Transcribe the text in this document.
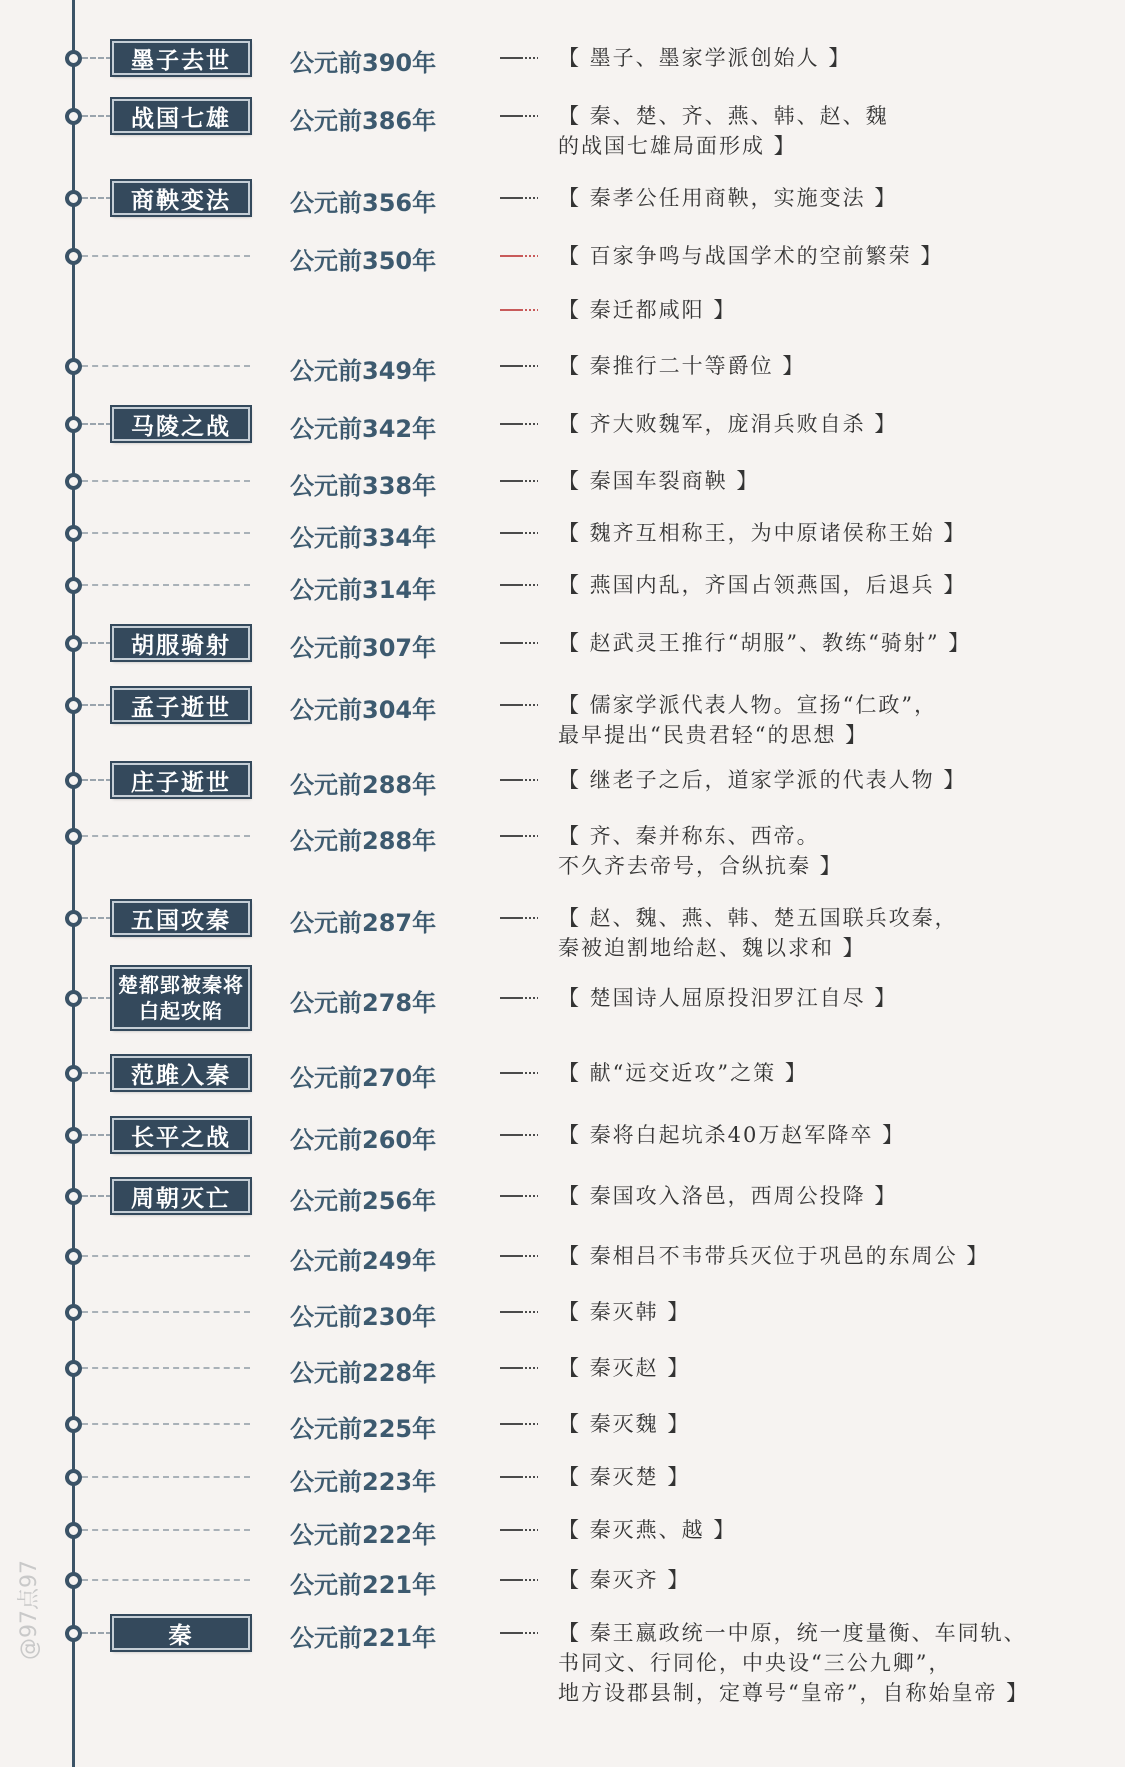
墨子去世	公元前390年	【 墨子、墨家学派创始人 】
战国七雄	公元前386年	【 秦、楚、齐、燕、韩、赵、魏
的战国七雄局面形成 】
商鞅变法	公元前356年	【 秦孝公任用商鞅，实施变法 】
公元前350年	【 百家争鸣与战国学术的空前繁荣 】
【 秦迁都咸阳 】
公元前349年	【 秦推行二十等爵位 】
马陵之战	公元前342年	【 齐大败魏军，庞涓兵败自杀 】
公元前338年	【 秦国车裂商鞅 】
公元前334年	【 魏齐互相称王，为中原诸侯称王始 】
公元前314年	【 燕国内乱，齐国占领燕国，后退兵 】
胡服骑射	公元前307年	【 赵武灵王推行“胡服”、教练“骑射” 】
孟子逝世	公元前304年	【 儒家学派代表人物。宣扬“仁政”，
最早提出“民贵君轻“的思想 】
庄子逝世	公元前288年	【 继老子之后，道家学派的代表人物 】
公元前288年	【 齐、秦并称东、西帝。
不久齐去帝号，合纵抗秦 】
五国攻秦	公元前287年	【 赵、魏、燕、韩、楚五国联兵攻秦，
秦被迫割地给赵、魏以求和 】
楚都郢被秦将
白起攻陷	公元前278年	【 楚国诗人屈原投汨罗江自尽 】
范雎入秦	公元前270年	【 献“远交近攻”之策 】
长平之战	公元前260年	【 秦将白起坑杀40万赵军降卒 】
周朝灭亡	公元前256年	【 秦国攻入洛邑，西周公投降 】
公元前249年	【 秦相吕不韦带兵灭位于巩邑的东周公 】
公元前230年	【 秦灭韩 】
公元前228年	【 秦灭赵 】
公元前225年	【 秦灭魏 】
公元前223年	【 秦灭楚 】
公元前222年	【 秦灭燕、越 】
公元前221年	【 秦灭齐 】
秦	公元前221年	【 秦王嬴政统一中原，统一度量衡、车同轨、
书同文、行同伦，中央设“三公九卿”，
地方设郡县制，定尊号“皇帝”，自称始皇帝 】
@97点97
